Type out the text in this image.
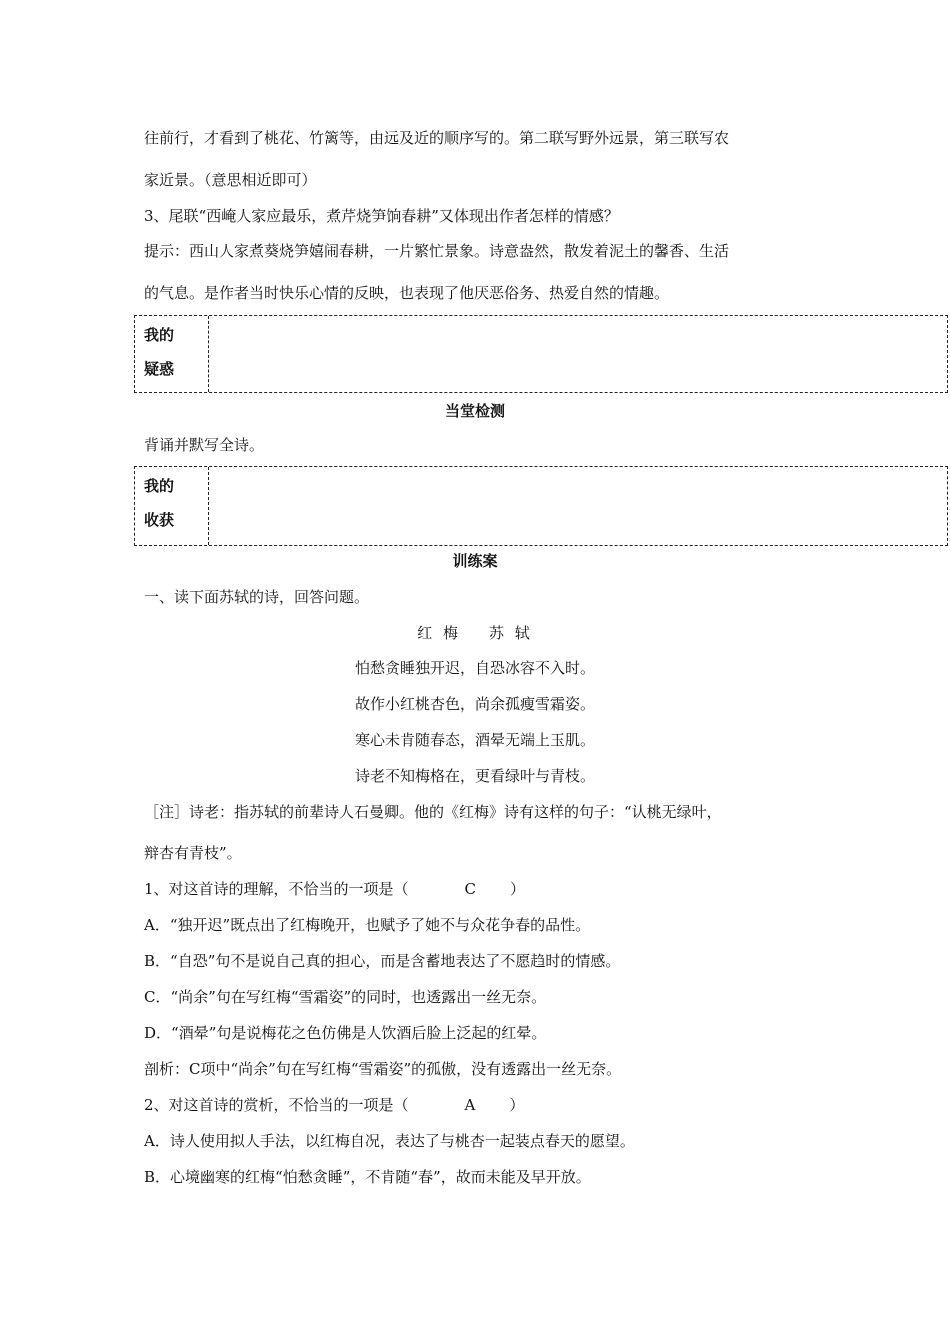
往前行，才看到了桃花、竹篱等，由远及近的顺序写的。第二联写野外远景，第三联写农
家近景。（意思相近即可）
3、尾联“西崦人家应最乐，煮芹烧笋饷春耕”又体现出作者怎样的情感？
提示：西山人家煮葵烧笋嬉闹春耕，一片繁忙景象。诗意盎然，散发着泥土的馨香、生活
的气息。是作者当时快乐心情的反映，也表现了他厌恶俗务、热爱自然的情趣。
我的
疑惑
当堂检测
背诵并默写全诗。
我的
收获
训练案
一、读下面苏轼的诗，回答问题。
红 梅 苏 轼
怕愁贪睡独开迟，自恐冰容不入时。
故作小红桃杏色，尚余孤瘦雪霜姿。
寒心未肯随春态，酒晕无端上玉肌。
诗老不知梅格在，更看绿叶与青枝。
［注］诗老：指苏轼的前辈诗人石曼卿。他的《红梅》诗有这样的句子：“认桃无绿叶，
辩杏有青枝”。
1、对这首诗的理解，不恰当的一项是（	C ）
A．“独开迟”既点出了红梅晚开，也赋予了她不与众花争春的品性。
B．“自恐”句不是说自己真的担心，而是含蓄地表达了不愿趋时的情感。
C．“尚余”句在写红梅“雪霜姿”的同时，也透露出一丝无奈。
D．“酒晕”句是说梅花之色仿佛是人饮酒后脸上泛起的红晕。
剖析：C项中“尚余”句在写红梅“雪霜姿”的孤傲，没有透露出一丝无奈。
2、对这首诗的赏析，不恰当的一项是（	A ）
A．诗人使用拟人手法，以红梅自况，表达了与桃杏一起装点春天的愿望。
B．心境幽寒的红梅“怕愁贪睡”，不肯随“春”，故而未能及早开放。
